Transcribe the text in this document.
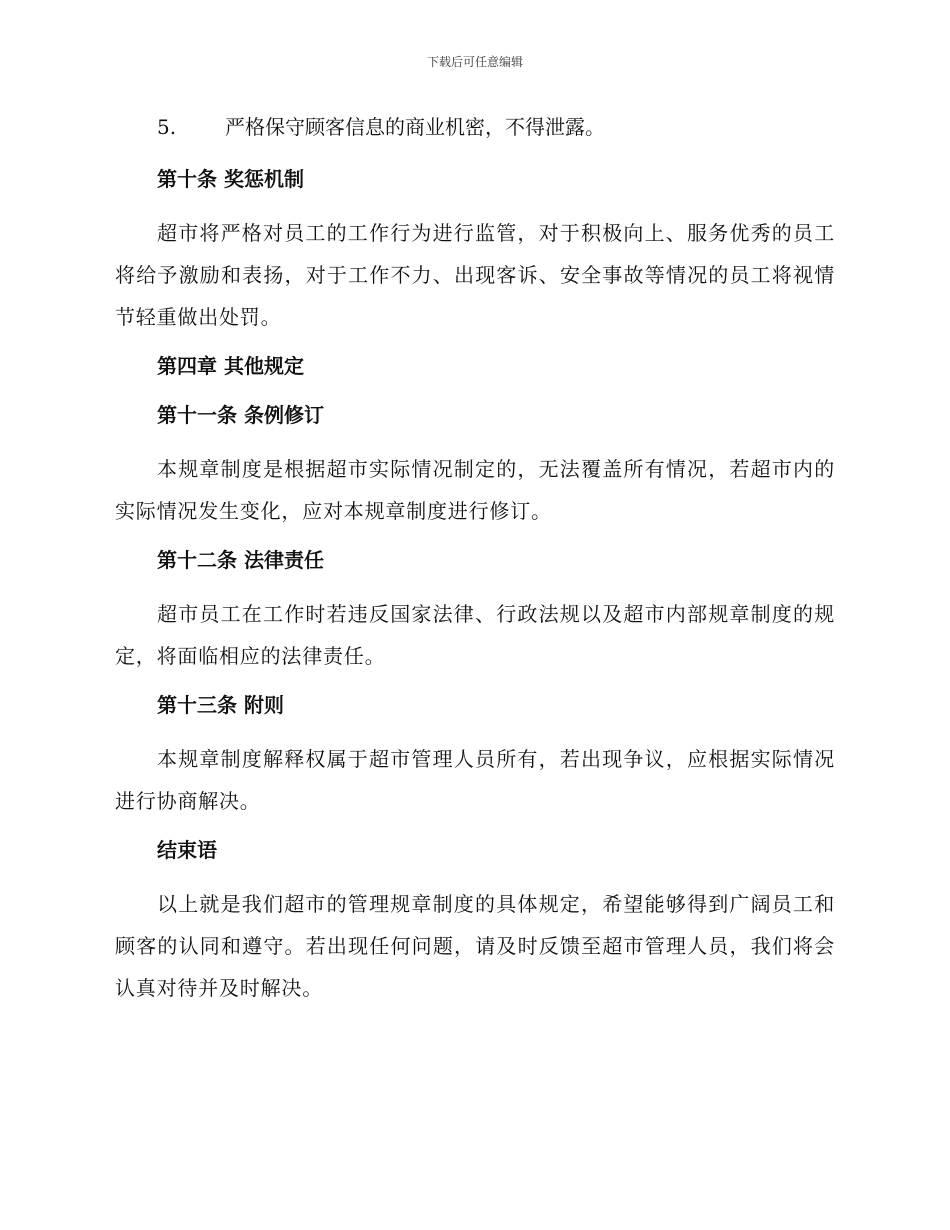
下载后可任意编辑
5.	严格保守顾客信息的商业机密，不得泄露。
第十条 奖惩机制

超市将严格对员工的工作行为进行监管，对于积极向上、服务优秀的员工将给予激励和表扬，对于工作不力、出现客诉、安全事故等情况的员工将视情节轻重做出处罚。

第四章 其他规定
第十一条 条例修订

本规章制度是根据超市实际情况制定的，无法覆盖所有情况，若超市内的实际情况发生变化，应对本规章制度进行修订。

第十二条 法律责任

超市员工在工作时若违反国家法律、行政法规以及超市内部规章制度的规定，将面临相应的法律责任。

第十三条 附则

本规章制度解释权属于超市管理人员所有，若出现争议，应根据实际情况进行协商解决。

结束语

以上就是我们超市的管理规章制度的具体规定，希望能够得到广阔员工和顾客的认同和遵守。若出现任何问题，请及时反馈至超市管理人员，我们将会认真对待并及时解决。
